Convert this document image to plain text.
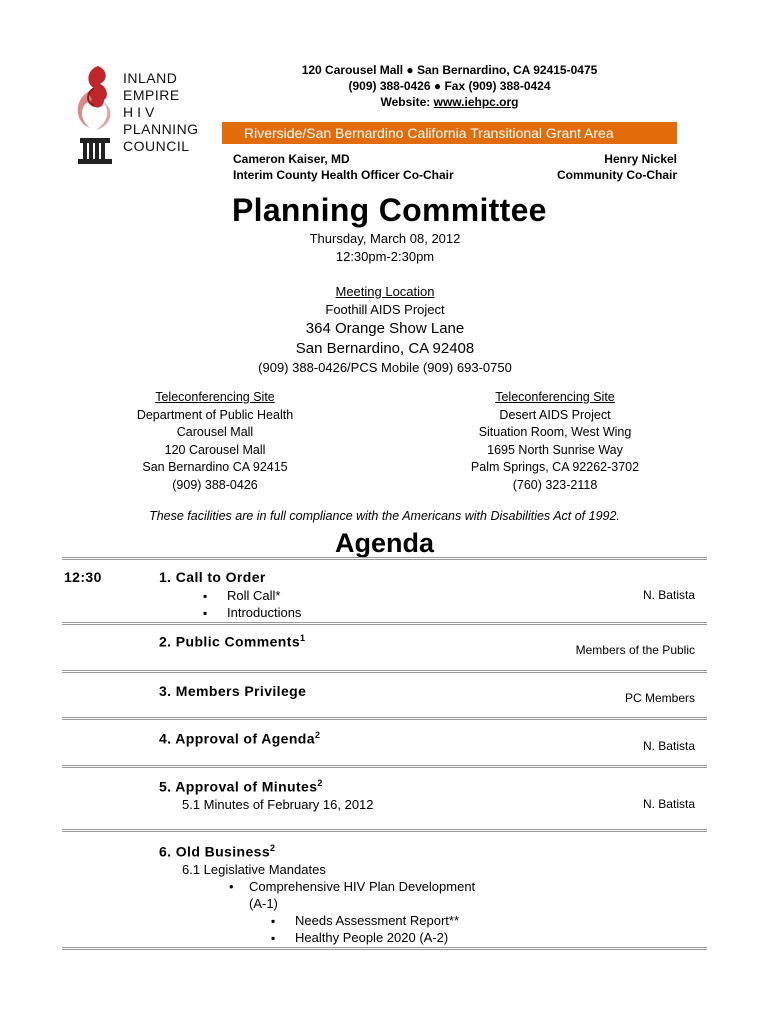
INLAND
EMPIRE
HIV
PLANNING
COUNCIL
120 Carousel Mall ● San Bernardino, CA 92415-0475
(909) 388-0426 ● Fax (909) 388-0424
Website: www.iehpc.org
Riverside/San Bernardino California Transitional Grant Area
Cameron Kaiser, MD
Interim County Health Officer Co-Chair
Henry Nickel
Community Co-Chair
Planning Committee
Thursday, March 08, 2012
12:30pm-2:30pm
Meeting Location
Foothill AIDS Project
364 Orange Show Lane
San Bernardino, CA 92408
(909) 388-0426/PCS Mobile (909) 693-0750
Teleconferencing Site
Department of Public Health
Carousel Mall
120 Carousel Mall
San Bernardino CA 92415
(909) 388-0426
Teleconferencing Site
Desert AIDS Project
Situation Room, West Wing
1695 North Sunrise Way
Palm Springs, CA 92262-3702
(760) 323-2118
These facilities are in full compliance with the Americans with Disabilities Act of 1992.
Agenda
12:30	1. Call to Order
N. Batista
▪ Roll Call*
▪ Introductions
2. Public Comments$^1$
Members of the Public
3. Members Privilege	PC Members
4. Approval of Agenda$^2$
N. Batista
5. Approval of Minutes$^2$
N. Batista
5.1 Minutes of February 16, 2012
6. Old Business$^2$
6.1 Legislative Mandates
• Comprehensive HIV Plan Development
(A-1)
▪ Needs Assessment Report**
▪ Healthy People 2020 (A-2)
